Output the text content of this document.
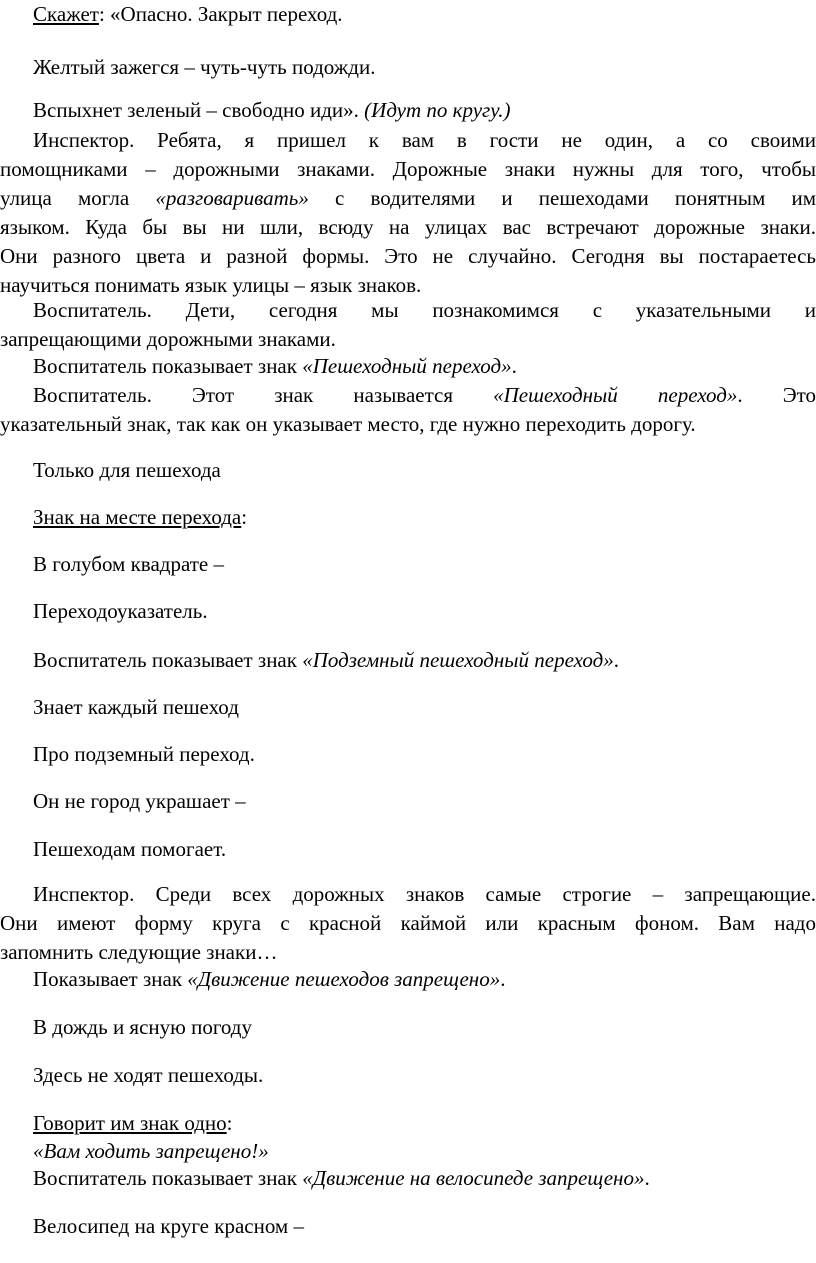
Скажет: «Опасно. Закрыт переход.

Желтый зажегся – чуть-чуть подожди.

Вспыхнет зеленый – свободно иди». (Идут по кругу.)

Инспектор. Ребята, я пришел к вам в гости не один, а со своими

помощниками – дорожными знаками. Дорожные знаки нужны для того, чтобы

улица могла «разговаривать» с водителями и пешеходами понятным им

языком. Куда бы вы ни шли, всюду на улицах вас встречают дорожные знаки.

Они разного цвета и разной формы. Это не случайно. Сегодня вы постараетесь

научиться понимать язык улицы – язык знаков.

Воспитатель. Дети, сегодня мы познакомимся с указательными и

запрещающими дорожными знаками.

Воспитатель показывает знак «Пешеходный переход».

Воспитатель. Этот знак называется «Пешеходный переход». Это

указательный знак, так как он указывает место, где нужно переходить дорогу.

Только для пешехода

Знак на месте перехода:

В голубом квадрате –

Переходоуказатель.

Воспитатель показывает знак «Подземный пешеходный переход».

Знает каждый пешеход

Про подземный переход.

Он не город украшает –

Пешеходам помогает.

Инспектор. Среди всех дорожных знаков самые строгие – запрещающие.

Они имеют форму круга с красной каймой или красным фоном. Вам надо

запомнить следующие знаки…

Показывает знак «Движение пешеходов запрещено».

В дождь и ясную погоду

Здесь не ходят пешеходы.

Говорит им знак одно:

«Вам ходить запрещено!»

Воспитатель показывает знак «Движение на велосипеде запрещено».

Велосипед на круге красном –
